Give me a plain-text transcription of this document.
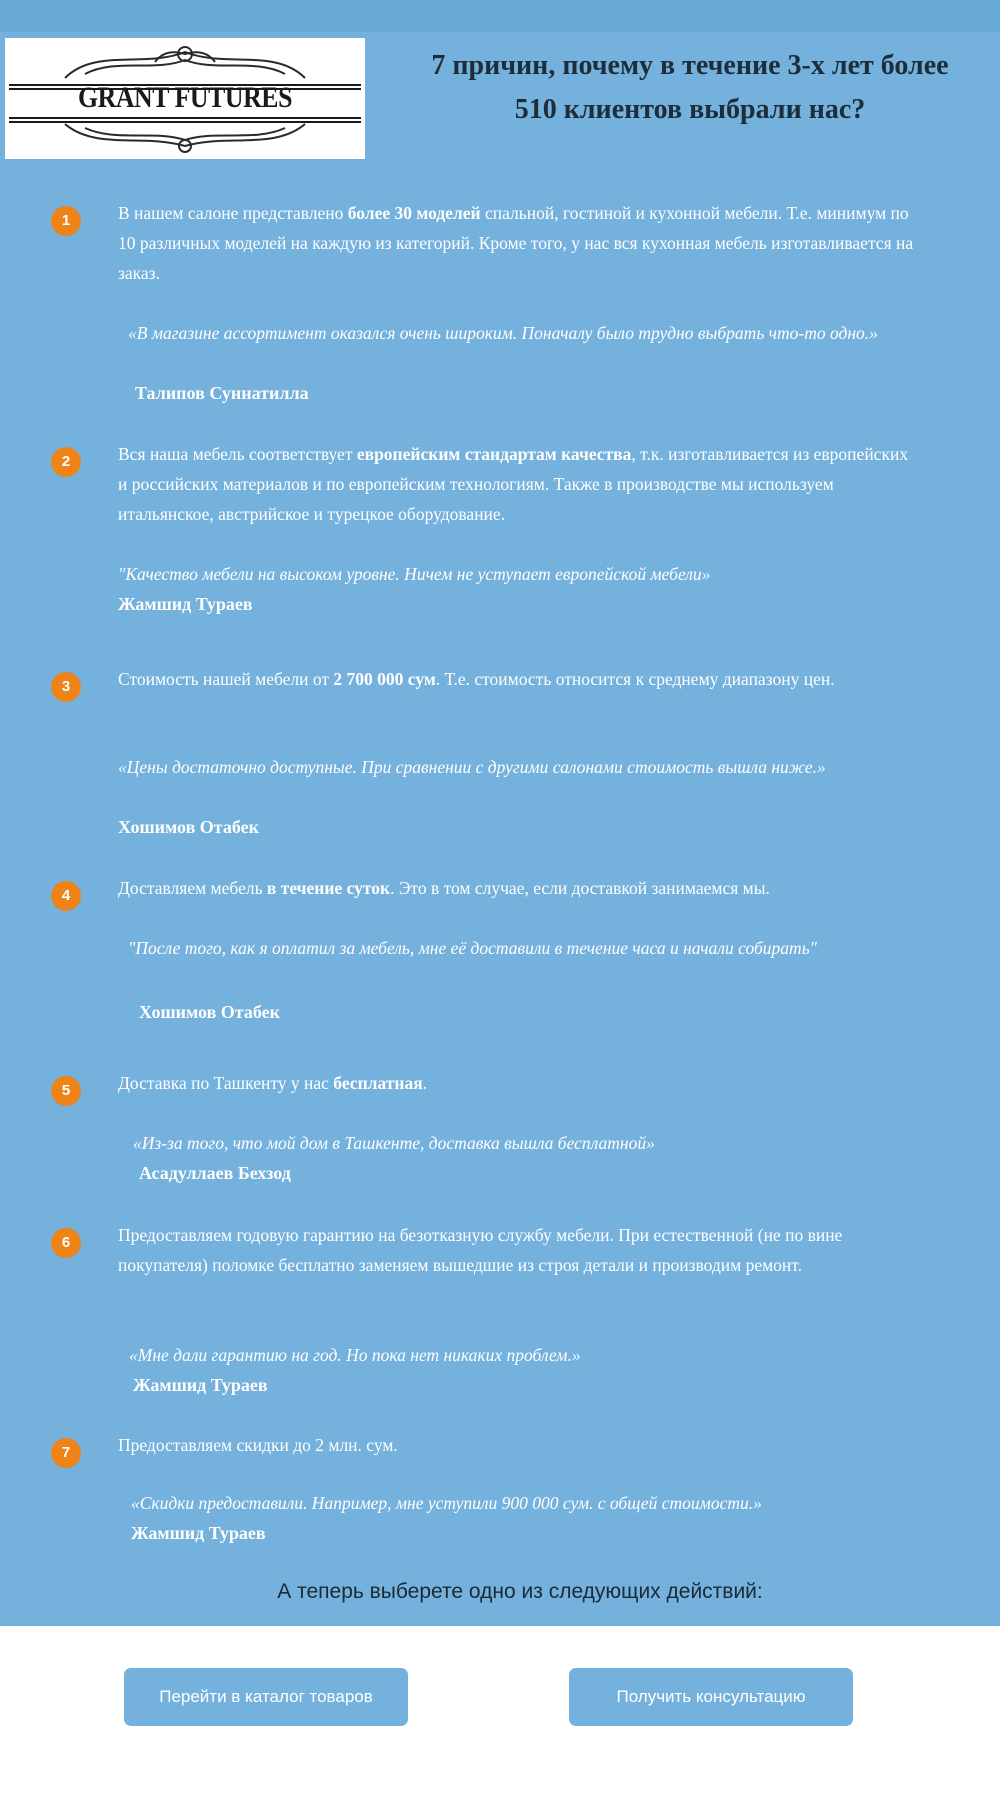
GRANT FUTURES
7 причин, почему в течение 3-х лет более
510 клиентов выбрали нас?
1	В нашем салоне представлено более 30 моделей спальной, гостиной и кухонной мебели. Т.е. минимум по 10 различных моделей на каждую из категорий. Кроме того, у нас вся кухонная мебель изготавливается на заказ.
«В магазине ассортимент оказался очень широким. Поначалу было трудно выбрать что-то одно.»
Талипов Суннатилла
2	Вся наша мебель соответствует европейским стандартам качества, т.к. изготавливается из европейских и российских материалов и по европейским технологиям. Также в производстве мы используем итальянское, австрийское и турецкое оборудование.
"Качество мебели на высоком уровне. Ничем не уступает европейской мебели»
Жамшид Тураев
3	Стоимость нашей мебели от 2 700 000 сум. Т.е. стоимость относится к среднему диапазону цен.
«Цены достаточно доступные. При сравнении с другими салонами стоимость вышла ниже.»
Хошимов Отабек
4	Доставляем мебель в течение суток. Это в том случае, если доставкой занимаемся мы.
"После того, как я оплатил за мебель, мне её доставили в течение часа и начали собирать"
Хошимов Отабек
5	Доставка по Ташкенту у нас бесплатная.
«Из-за того, что мой дом в Ташкенте, доставка вышла бесплатной»
Асадуллаев Бехзод
6	Предоставляем годовую гарантию на безотказную службу мебели. При естественной (не по вине покупателя) поломке бесплатно заменяем вышедшие из строя детали и производим ремонт.
«Мне дали гарантию на год. Но пока нет никаких проблем.»
Жамшид Тураев
7	Предоставляем скидки до 2 млн. сум.
«Скидки предоставили. Например, мне уступили 900 000 сум. с общей стоимости.»
Жамшид Тураев
А теперь выберете одно из следующих действий:
Перейти в каталог товаров	Получить консультацию
